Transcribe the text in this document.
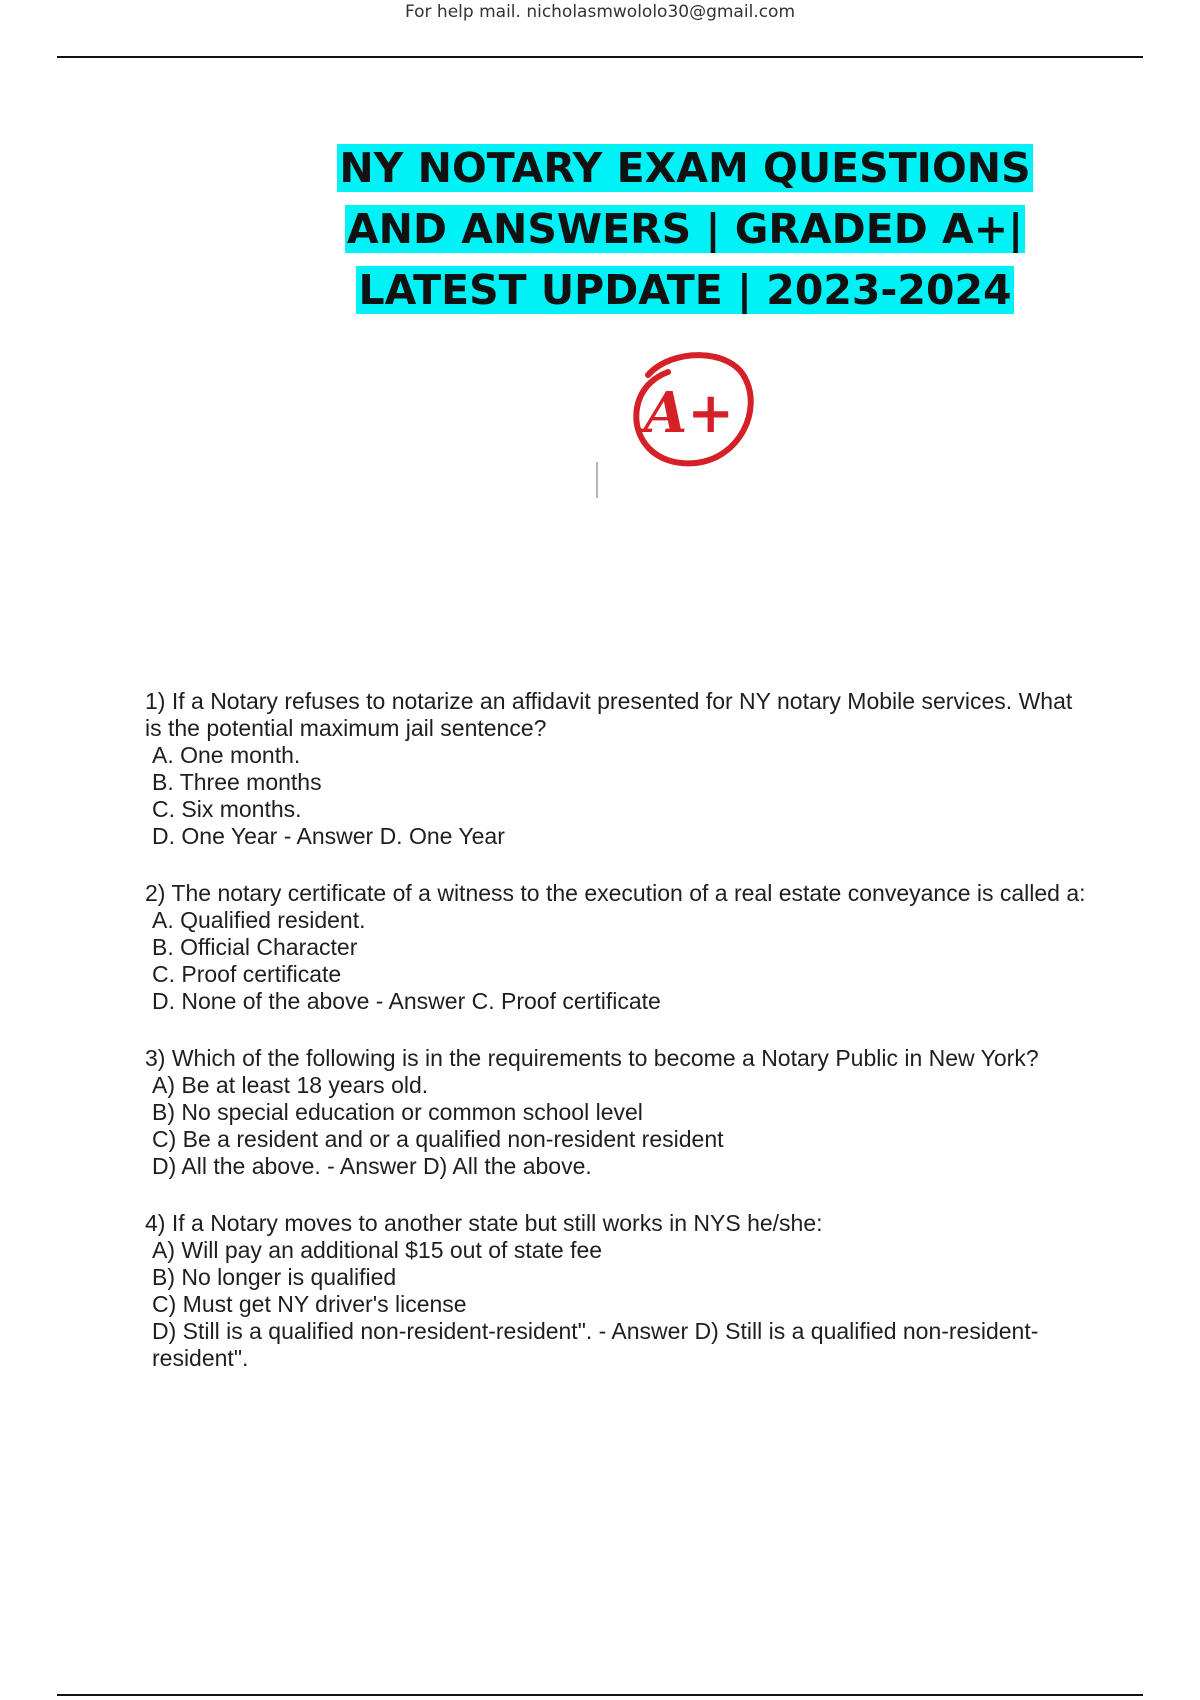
For help mail. nicholasmwololo30@gmail.com
NY NOTARY EXAM QUESTIONS
AND ANSWERS | GRADED A+|
LATEST UPDATE | 2023-2024
A+

1) If a Notary refuses to notarize an affidavit presented for NY notary Mobile services. What is the potential maximum jail sentence?

A. One month.

B. Three months

C. Six months.

D. One Year - Answer D. One Year

2) The notary certificate of a witness to the execution of a real estate conveyance is called a:

A. Qualified resident.

B. Official Character

C. Proof certificate

D. None of the above - Answer C. Proof certificate

3) Which of the following is in the requirements to become a Notary Public in New York?

A) Be at least 18 years old.

B) No special education or common school level

C) Be a resident and or a qualified non-resident resident

D) All the above. - Answer D) All the above.

4) If a Notary moves to another state but still works in NYS he/she:

A) Will pay an additional $15 out of state fee

B) No longer is qualified

C) Must get NY driver's license

D) Still is a qualified non-resident-resident". - Answer D) Still is a qualified non-resident-resident".
